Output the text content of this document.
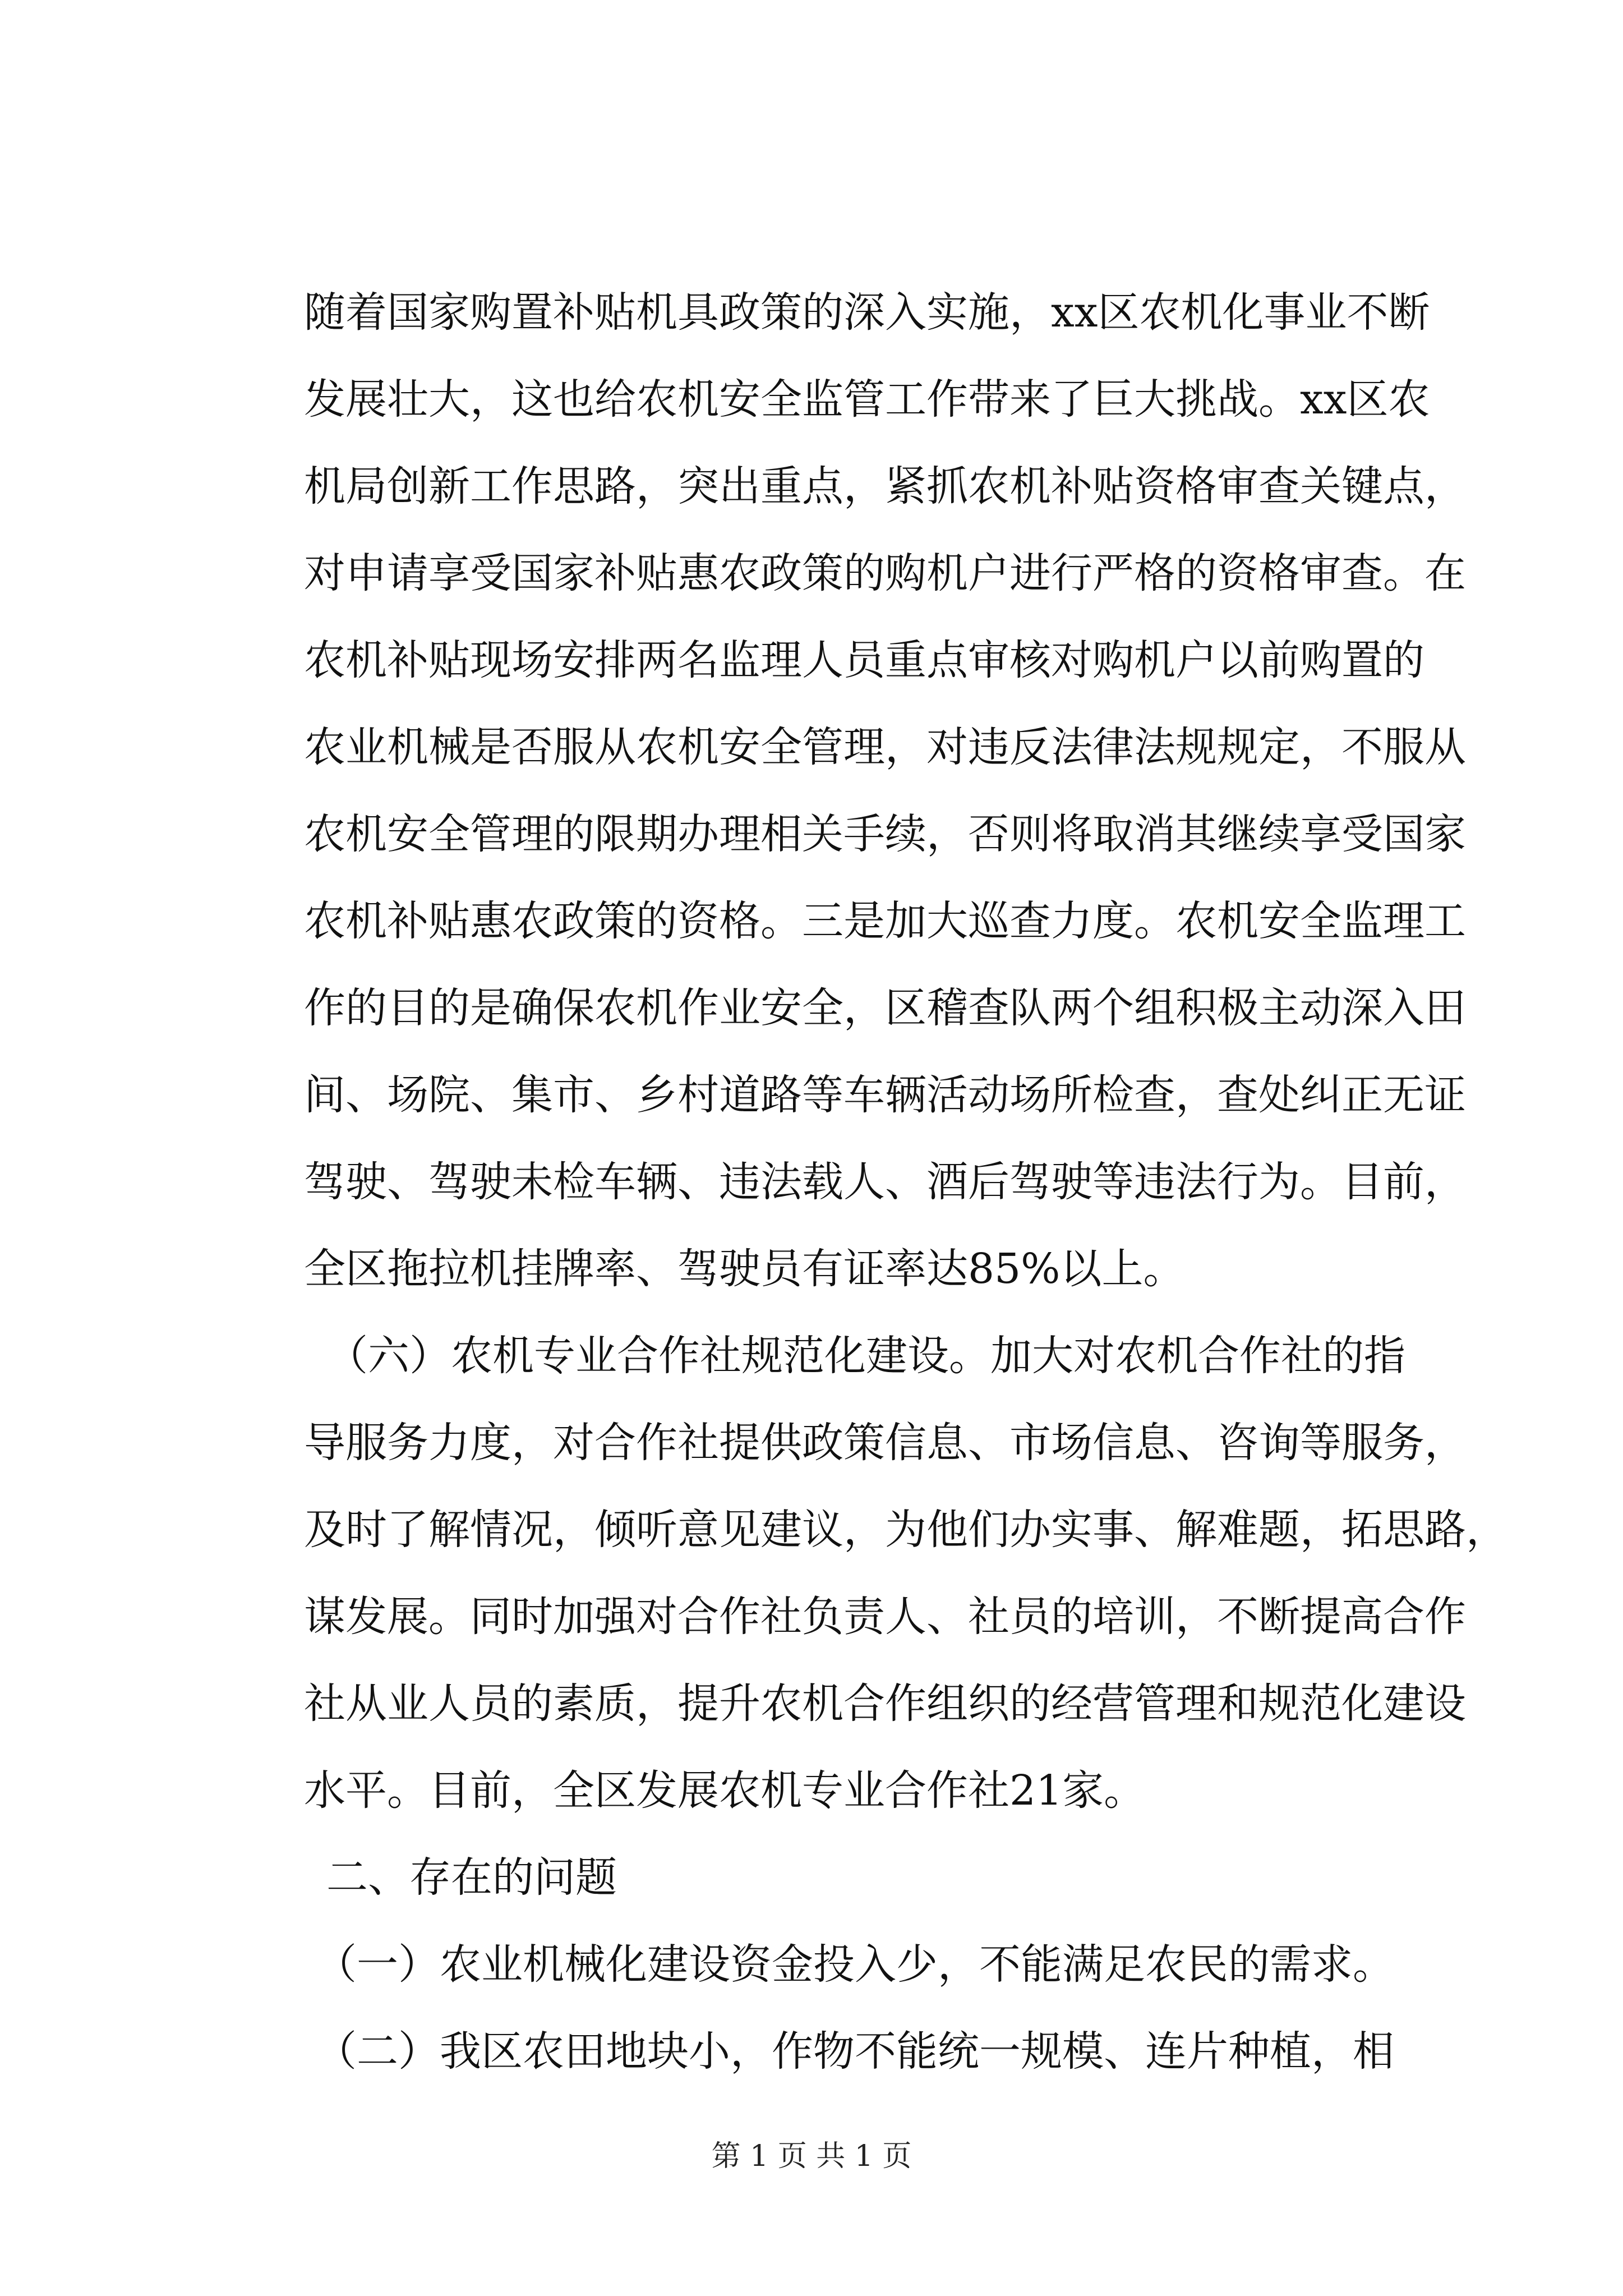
随着国家购置补贴机具政策的深入实施，xx区农机化事业不断
发展壮大，这也给农机安全监管工作带来了巨大挑战。xx区农
机局创新工作思路，突出重点，紧抓农机补贴资格审查关键点，
对申请享受国家补贴惠农政策的购机户进行严格的资格审查。在
农机补贴现场安排两名监理人员重点审核对购机户以前购置的
农业机械是否服从农机安全管理，对违反法律法规规定，不服从
农机安全管理的限期办理相关手续，否则将取消其继续享受国家
农机补贴惠农政策的资格。三是加大巡查力度。农机安全监理工
作的目的是确保农机作业安全，区稽查队两个组积极主动深入田
间、场院、集市、乡村道路等车辆活动场所检查，查处纠正无证
驾驶、驾驶未检车辆、违法载人、酒后驾驶等违法行为。目前，
全区拖拉机挂牌率、驾驶员有证率达85%以上。
（六）农机专业合作社规范化建设。加大对农机合作社的指
导服务力度，对合作社提供政策信息、市场信息、咨询等服务，
及时了解情况，倾听意见建议，为他们办实事、解难题，拓思路，
谋发展。同时加强对合作社负责人、社员的培训，不断提高合作
社从业人员的素质，提升农机合作组织的经营管理和规范化建设
水平。目前，全区发展农机专业合作社21家。
二、存在的问题
（一）农业机械化建设资金投入少，不能满足农民的需求。
（二）我区农田地块小，作物不能统一规模、连片种植，相
第 1 页 共 1 页
